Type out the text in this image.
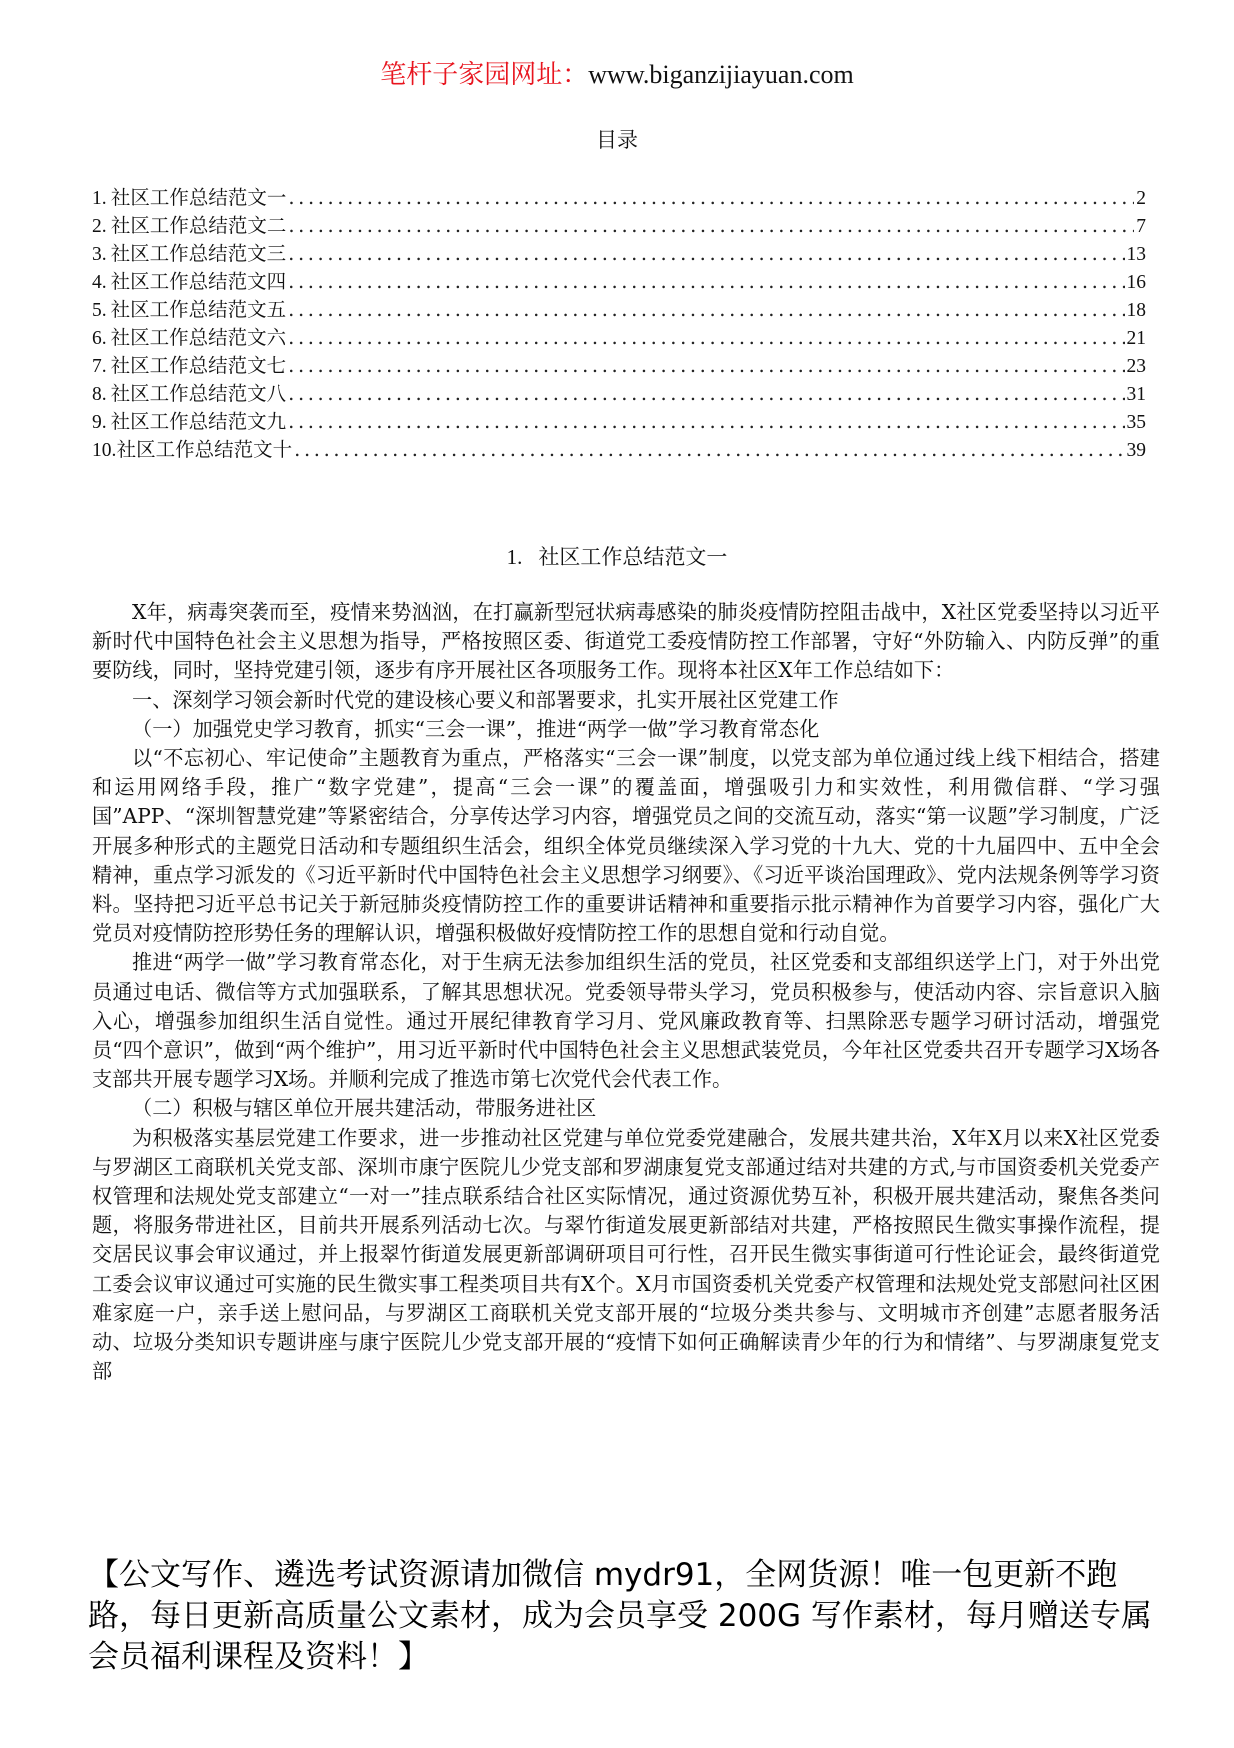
笔杆子家园网址：www.biganzijiayuan.com
目录
1. 社区工作总结范文一 .....	2
2. 社区工作总结范文二 .....	7
3. 社区工作总结范文三 .....	13
4. 社区工作总结范文四 .....	16
5. 社区工作总结范文五 .....	18
6. 社区工作总结范文六 .....	21
7. 社区工作总结范文七 .....	23
8. 社区工作总结范文八 .....	31
9. 社区工作总结范文九 .....	35
10. 社区工作总结范文十 .....	39
1. 社区工作总结范文一

X年，病毒突袭而至，疫情来势汹汹，在打赢新型冠状病毒感染的肺炎疫情防控阻击战中，X社区党委坚持以习近平新时代中国特色社会主义思想为指导，严格按照区委、街道党工委疫情防控工作部署，守好“外防输入、内防反弹”的重要防线，同时，坚持党建引领，逐步有序开展社区各项服务工作。现将本社区X年工作总结如下：

一、深刻学习领会新时代党的建设核心要义和部署要求，扎实开展社区党建工作

（一）加强党史学习教育，抓实“三会一课”，推进“两学一做”学习教育常态化

以“不忘初心、牢记使命”主题教育为重点，严格落实“三会一课”制度，以党支部为单位通过线上线下相结合，搭建和运用网络手段，推广“数字党建”，提高“三会一课”的覆盖面，增强吸引力和实效性，利用微信群、“学习强国”APP、“深圳智慧党建”等紧密结合，分享传达学习内容，增强党员之间的交流互动，落实“第一议题”学习制度，广泛开展多种形式的主题党日活动和专题组织生活会，组织全体党员继续深入学习党的十九大、党的十九届四中、五中全会精神，重点学习派发的《习近平新时代中国特色社会主义思想学习纲要》、《习近平谈治国理政》、党内法规条例等学习资料。坚持把习近平总书记关于新冠肺炎疫情防控工作的重要讲话精神和重要指示批示精神作为首要学习内容，强化广大党员对疫情防控形势任务的理解认识，增强积极做好疫情防控工作的思想自觉和行动自觉。

推进“两学一做”学习教育常态化，对于生病无法参加组织生活的党员，社区党委和支部组织送学上门，对于外出党员通过电话、微信等方式加强联系，了解其思想状况。党委领导带头学习，党员积极参与，使活动内容、宗旨意识入脑入心，增强参加组织生活自觉性。通过开展纪律教育学习月、党风廉政教育等、扫黑除恶专题学习研讨活动，增强党员“四个意识”，做到“两个维护”，用习近平新时代中国特色社会主义思想武装党员，今年社区党委共召开专题学习X场各支部共开展专题学习X场。并顺利完成了推选市第七次党代会代表工作。

（二）积极与辖区单位开展共建活动，带服务进社区

为积极落实基层党建工作要求，进一步推动社区党建与单位党委党建融合，发展共建共治，X年X月以来X社区党委与罗湖区工商联机关党支部、深圳市康宁医院儿少党支部和罗湖康复党支部通过结对共建的方式,与市国资委机关党委产权管理和法规处党支部建立“一对一”挂点联系结合社区实际情况，通过资源优势互补，积极开展共建活动，聚焦各类问题，将服务带进社区，目前共开展系列活动七次。与翠竹街道发展更新部结对共建，严格按照民生微实事操作流程，提交居民议事会审议通过，并上报翠竹街道发展更新部调研项目可行性，召开民生微实事街道可行性论证会，最终街道党工委会议审议通过可实施的民生微实事工程类项目共有X个。X月市国资委机关党委产权管理和法规处党支部慰问社区困难家庭一户，亲手送上慰问品，与罗湖区工商联机关党支部开展的“垃圾分类共参与、文明城市齐创建”志愿者服务活动、垃圾分类知识专题讲座与康宁医院儿少党支部开展的“疫情下如何正确解读青少年的行为和情绪”、与罗湖康复党支部

【公文写作、遴选考试资源请加微信 mydr91，全网货源！唯一包更新不跑路，每日更新高质量公文素材，成为会员享受 200G 写作素材，每月赠送专属会员福利课程及资料！】
